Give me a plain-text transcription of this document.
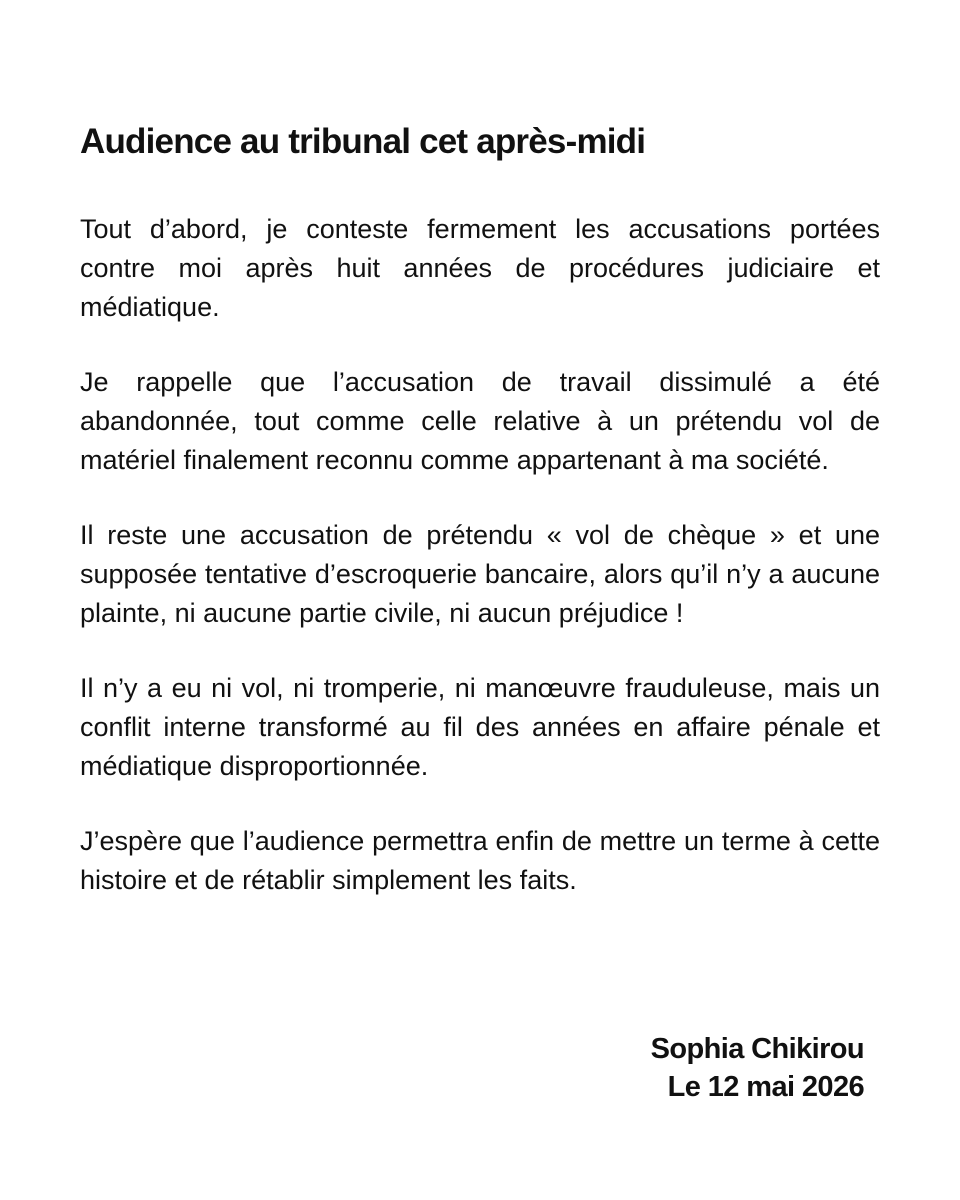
Audience au tribunal cet après-midi

Tout d’abord, je conteste fermement les accusations portées contre moi après huit années de procédures judiciaire et médiatique.

Je rappelle que l’accusation de travail dissimulé a été abandonnée, tout comme celle relative à un prétendu vol de matériel finalement reconnu comme appartenant à ma société.

Il reste une accusation de prétendu « vol de chèque » et une supposée tentative d’escroquerie bancaire, alors qu’il n’y a aucune plainte, ni aucune partie civile, ni aucun préjudice !

Il n’y a eu ni vol, ni tromperie, ni manœuvre frauduleuse, mais un conflit interne transformé au fil des années en affaire pénale et médiatique disproportionnée.

J’espère que l’audience permettra enfin de mettre un terme à cette histoire et de rétablir simplement les faits.

Sophia Chikirou
Le 12 mai 2026
